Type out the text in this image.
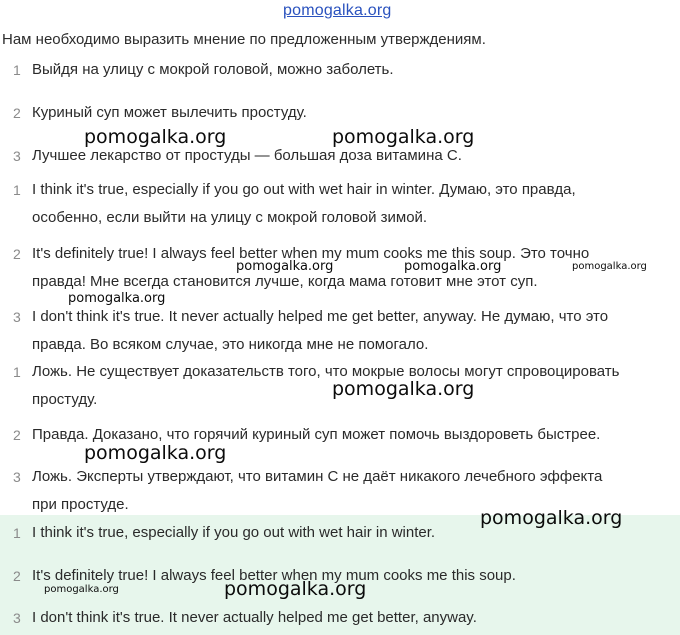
pomogalka.org
Нам необходимо выразить мнение по предложенным утверждениям.
1 Выйдя на улицу с мокрой головой, можно заболеть.
2 Куриный суп может вылечить простуду.
3 Лучшее лекарство от простуды — большая доза витамина С.
1 I think it's true, especially if you go out with wet hair in winter. Думаю, это правда,
особенно, если выйти на улицу с мокрой головой зимой.
2 It's definitely true! I always feel better when my mum cooks me this soup. Это точно
правда! Мне всегда становится лучше, когда мама готовит мне этот суп.
3 I don't think it's true. It never actually helped me get better, anyway. Не думаю, что это
правда. Во всяком случае, это никогда мне не помогало.
1 Ложь. Не существует доказательств того, что мокрые волосы могут спровоцировать
простуду.
2 Правда. Доказано, что горячий куриный суп может помочь выздороветь быстрее.
3 Ложь. Эксперты утверждают, что витамин С не даёт никакого лечебного эффекта
при простуде.
1 I think it's true, especially if you go out with wet hair in winter.
2 It's definitely true! I always feel better when my mum cooks me this soup.
3 I don't think it's true. It never actually helped me get better, anyway.
pomogalka.org	pomogalka.org
pomogalka.org	pomogalka.org	pomogalka.org
pomogalka.org
pomogalka.org
pomogalka.org
pomogalka.org
pomogalka.org	pomogalka.org
